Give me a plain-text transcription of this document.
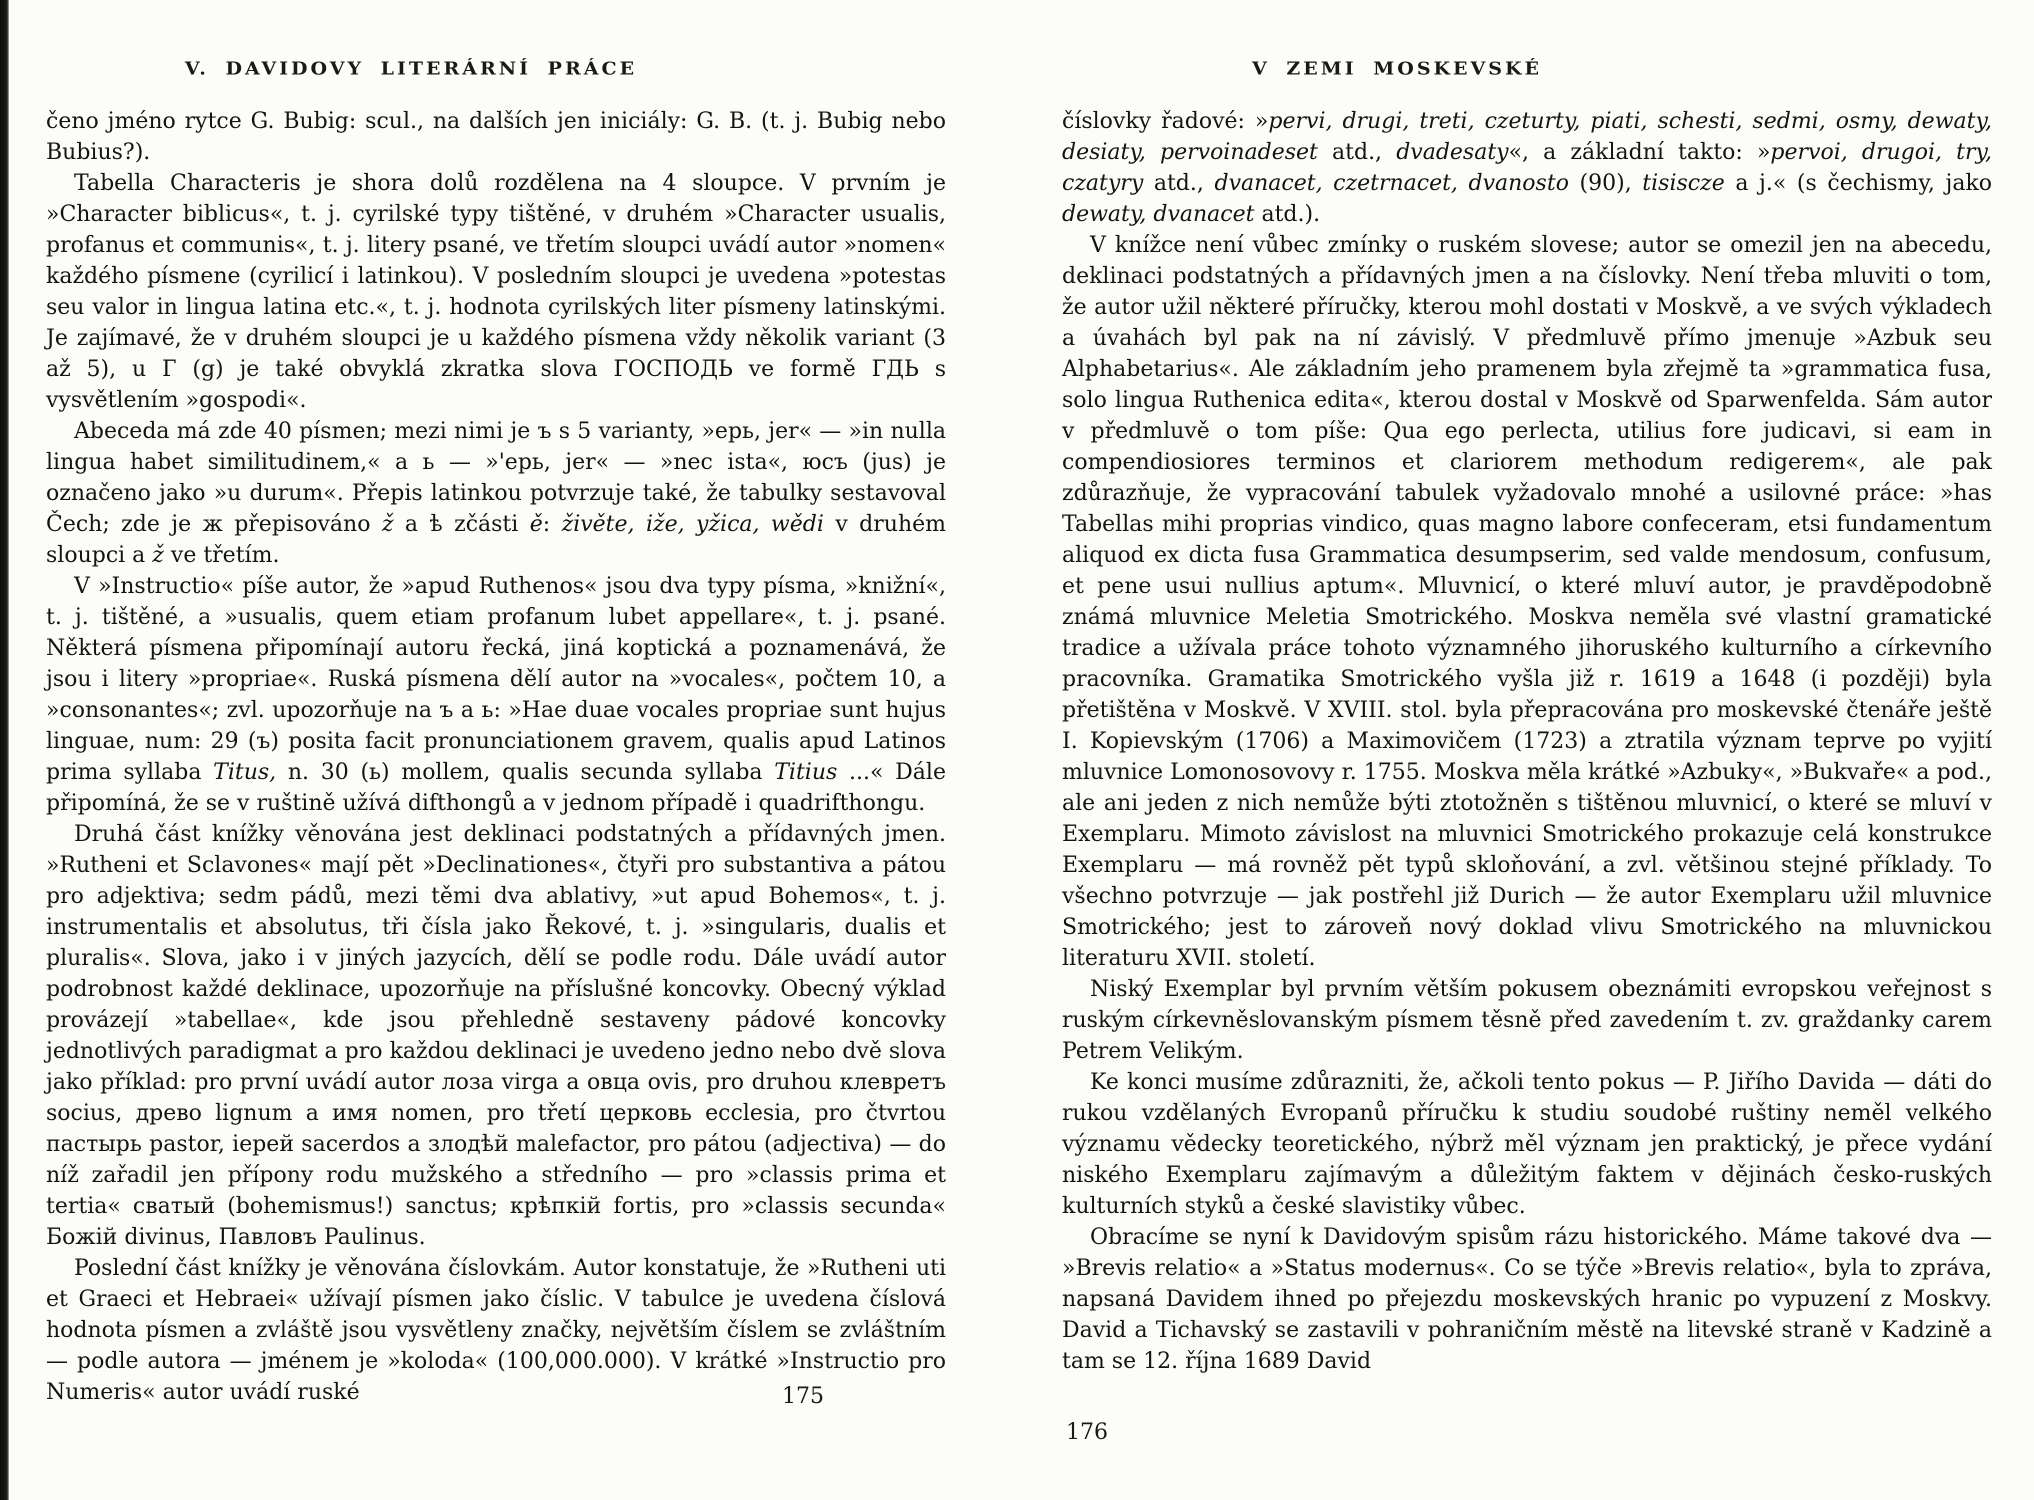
V. DAVIDOVY LITERÁRNÍ PRÁCE

čeno jméno rytce G. Bubig: scul., na dalších jen iniciály: G. B. (t. j. Bubig nebo Bubius?).

Tabella Characteris je shora dolů rozdělena na 4 sloupce. V prvním je »Character biblicus«, t. j. cyrilské typy tištěné, v druhém »Character usualis, profanus et communis«, t. j. litery psané, ve třetím sloupci uvádí autor »nomen« každého písmene (cyrilicí i latinkou). V posledním sloupci je uvedena »potestas seu valor in lingua latina etc.«, t. j. hodnota cyrilských liter písmeny latinskými. Je zajímavé, že v druhém sloupci je u každého písmena vždy několik variant (3 až 5), u Г (g) je také obvyklá zkratka slova ГОСПОДЬ ve formě ГДЬ s vysvětlením »gospodi«.

Abeceda má zde 40 písmen; mezi nimi je ъ s 5 varianty, »ерь, jer« — »in nulla lingua habet similitudinem,« a ь — »'ерь, jer« — »nec ista«, юсъ (jus) je označeno jako »u durum«. Přepis latinkou potvrzuje také, že tabulky sestavoval Čech; zde je ж přepisováno ž a ѣ zčásti ě: živěte, iže, yžica, wědi v druhém sloupci a ž ve třetím.

V »Instructio« píše autor, že »apud Ruthenos« jsou dva typy písma, »knižní«, t. j. tištěné, a »usualis, quem etiam profanum lubet appellare«, t. j. psané. Některá písmena připomínají autoru řecká, jiná koptická a poznamenává, že jsou i litery »propriae«. Ruská písmena dělí autor na »vocales«, počtem 10, a »consonantes«; zvl. upozorňuje na ъ a ь: »Hae duae vocales propriae sunt hujus linguae, num: 29 (ъ) posita facit pronunciationem gravem, qualis apud Latinos prima syllaba Titus, n. 30 (ь) mollem, qualis secunda syllaba Titius ...« Dále připomíná, že se v ruštině užívá difthongů a v jednom případě i quadrifthongu.

Druhá část knížky věnována jest deklinaci podstatných a přídavných jmen. »Rutheni et Sclavones« mají pět »Declinationes«, čtyři pro substantiva a pátou pro adjektiva; sedm pádů, mezi těmi dva ablativy, »ut apud Bohemos«, t. j. instrumentalis et absolutus, tři čísla jako Řekové, t. j. »singularis, dualis et pluralis«. Slova, jako i v jiných jazycích, dělí se podle rodu. Dále uvádí autor podrobnost každé deklinace, upozorňuje na příslušné koncovky. Obecný výklad provázejí »tabellae«, kde jsou přehledně sestaveny pádové koncovky jednotlivých paradigmat a pro každou deklinaci je uvedeno jedno nebo dvě slova jako příklad: pro první uvádí autor лоза virga a овца ovis, pro druhou клевретъ socius, древо lignum a имя nomen, pro třetí церковь ecclesia, pro čtvrtou пастырь pastor, іерей sacerdos a злодѣй malefactor, pro pátou (adjectiva) — do níž zařadil jen přípony rodu mužského a středního — pro »classis prima et tertia« сватый (bohemismus!) sanctus; крѣпкій fortis, pro »classis secunda« Божій divinus, Павловъ Paulinus.

Poslední část knížky je věnována číslovkám. Autor konstatuje, že »Rutheni uti et Graeci et Hebraei« užívají písmen jako číslic. V tabulce je uvedena číslová hodnota písmen a zvláště jsou vysvětleny značky, největším číslem se zvláštním — podle autora — jménem je »koloda« (100,000.000). V krátké »Instructio pro Numeris« autor uvádí ruské

V ZEMI MOSKEVSKÉ

číslovky řadové: »pervi, drugi, treti, czeturty, piati, schesti, sedmi, osmy, dewaty, desiaty, pervoinadeset atd., dvadesaty«, a základní takto: »pervoi, drugoi, try, czatyry atd., dvanacet, czetrnacet, dvanosto (90), tisiscze a j.« (s čechismy, jako dewaty, dvanacet atd.).

V knížce není vůbec zmínky o ruském slovese; autor se omezil jen na abecedu, deklinaci podstatných a přídavných jmen a na číslovky. Není třeba mluviti o tom, že autor užil některé příručky, kterou mohl dostati v Moskvě, a ve svých výkladech a úvahách byl pak na ní závislý. V předmluvě přímo jmenuje »Azbuk seu Alphabetarius«. Ale základním jeho pramenem byla zřejmě ta »grammatica fusa, solo lingua Ruthenica edita«, kterou dostal v Moskvě od Sparwenfelda. Sám autor v předmluvě o tom píše: Qua ego perlecta, utilius fore judicavi, si eam in compendiosiores terminos et clariorem methodum redigerem«, ale pak zdůrazňuje, že vypracování tabulek vyžadovalo mnohé a usilovné práce: »has Tabellas mihi proprias vindico, quas magno labore confeceram, etsi fundamentum aliquod ex dicta fusa Grammatica desumpserim, sed valde mendosum, confusum, et pene usui nullius aptum«. Mluvnicí, o které mluví autor, je pravděpodobně známá mluvnice Meletia Smotrického. Moskva neměla své vlastní gramatické tradice a užívala práce tohoto významného jihoruského kulturního a církevního pracovníka. Gramatika Smotrického vyšla již r. 1619 a 1648 (i později) byla přetištěna v Moskvě. V XVIII. stol. byla přepracována pro moskevské čtenáře ještě I. Kopievským (1706) a Maximovičem (1723) a ztratila význam teprve po vyjití mluvnice Lomonosovovy r. 1755. Moskva měla krátké »Azbuky«, »Bukvaře« a pod., ale ani jeden z nich nemůže býti ztotožněn s tištěnou mluvnicí, o které se mluví v Exemplaru. Mimoto závislost na mluvnici Smotrického prokazuje celá konstrukce Exemplaru — má rovněž pět typů skloňování, a zvl. většinou stejné příklady. To všechno potvrzuje — jak postřehl již Durich — že autor Exemplaru užil mluvnice Smotrického; jest to zároveň nový doklad vlivu Smotrického na mluvnickou literaturu XVII. století.

Niský Exemplar byl prvním větším pokusem obeznámiti evropskou veřejnost s ruským církevněslovanským písmem těsně před zavedením t. zv. graždanky carem Petrem Velikým.

Ke konci musíme zdůrazniti, že, ačkoli tento pokus — P. Jiřího Davida — dáti do rukou vzdělaných Evropanů příručku k studiu soudobé ruštiny neměl velkého významu vědecky teoretického, nýbrž měl význam jen praktický, je přece vydání niského Exemplaru zajímavým a důležitým faktem v dějinách česko-ruských kulturních styků a české slavistiky vůbec.

Obracíme se nyní k Davidovým spisům rázu historického. Máme takové dva — »Brevis relatio« a »Status modernus«. Co se týče »Brevis relatio«, byla to zpráva, napsaná Davidem ihned po přejezdu moskevských hranic po vypuzení z Moskvy. David a Tichavský se zastavili v pohraničním městě na litevské straně v Kadzině a tam se 12. října 1689 David

175
176
